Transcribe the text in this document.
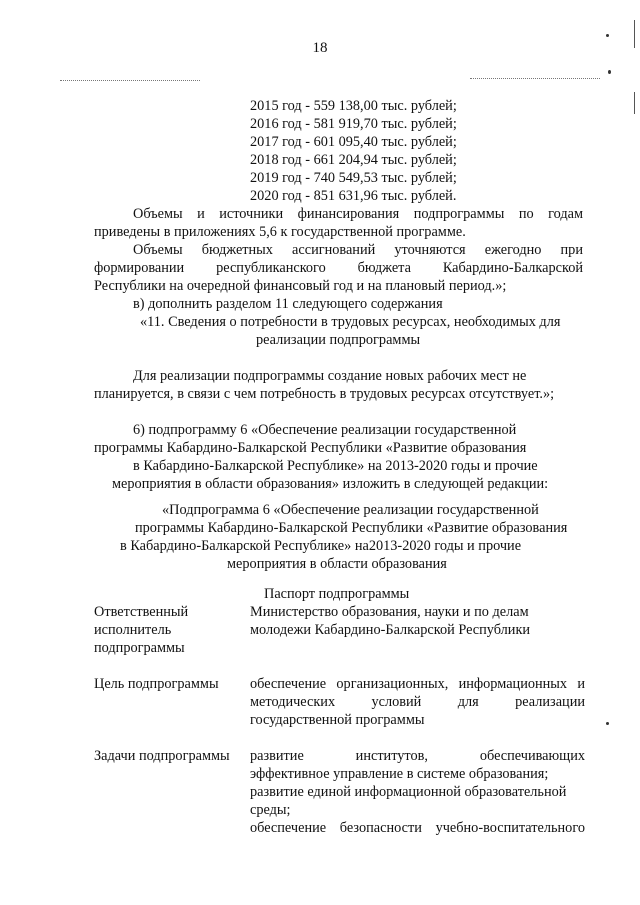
18
2015 год - 559 138,00 тыс. рублей;
2016 год - 581 919,70 тыс. рублей;
2017 год - 601 095,40 тыс. рублей;
2018 год - 661 204,94 тыс. рублей;
2019 год - 740 549,53 тыс. рублей;
2020 год - 851 631,96 тыс. рублей.
Объемы и источники финансирования подпрограммы по годам
приведены в приложениях 5,6 к государственной программе.
Объемы бюджетных ассигнований уточняются ежегодно при
формировании республиканского бюджета Кабардино-Балкарской
Республики на очередной финансовый год и на плановый период.»;
в) дополнить разделом 11 следующего содержания
«11. Сведения о потребности в трудовых ресурсах, необходимых для
реализации подпрограммы
Для реализации подпрограммы создание новых рабочих мест не
планируется, в связи с чем потребность в трудовых ресурсах отсутствует.»;
6) подпрограмму 6 «Обеспечение реализации государственной
программы Кабардино-Балкарской Республики «Развитие образования
в Кабардино-Балкарской Республике» на 2013-2020 годы и прочие
мероприятия в области образования» изложить в следующей редакции:
«Подпрограмма 6 «Обеспечение реализации государственной
программы Кабардино-Балкарской Республики «Развитие образования
в Кабардино-Балкарской Республике» на2013-2020 годы и прочие
мероприятия в области образования
Паспорт подпрограммы
Ответственный
исполнитель
подпрограммы
Министерство образования, науки и по делам
молодежи Кабардино-Балкарской Республики
Цель подпрограммы обеспечение организационных, информационных и
методических условий для реализации
государственной программы
Задачи подпрограммы развитие институтов, обеспечивающих
эффективное управление в системе образования;
развитие единой информационной образовательной
среды;
обеспечение безопасности учебно-воспитательного
